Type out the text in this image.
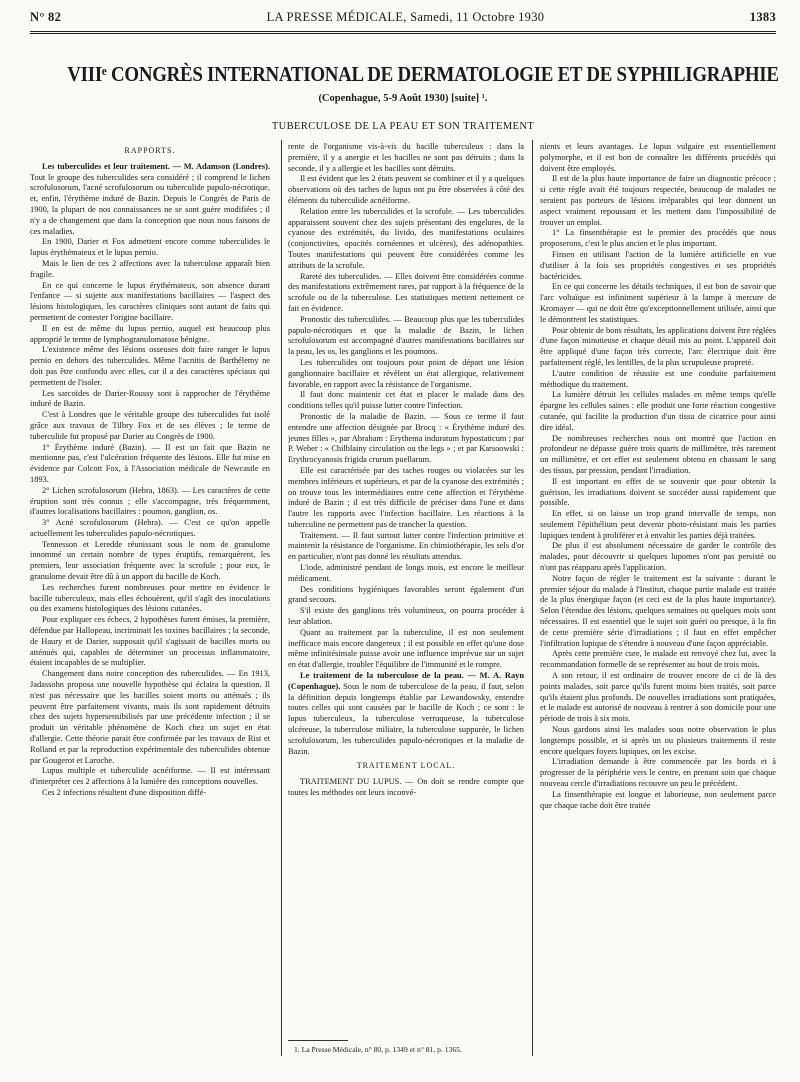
N° 82	LA PRESSE MÉDICALE, Samedi, 11 Octobre 1930	1383
VIIIᵉ CONGRÈS INTERNATIONAL DE DERMATOLOGIE ET DE SYPHILIGRAPHIE
(Copenhague, 5-9 Août 1930) [suite] ¹.
TUBERCULOSE DE LA PEAU ET SON TRAITEMENT
RAPPORTS.

Les tuberculides et leur traitement. — M. Adamson (Londres). Tout le groupe des tuberculides sera considéré ; il comprend le lichen scrofulosorum, l'acné scrofulosorum ou tuberculide papulo-nécrotique, et, enfin, l'érythème induré de Bazin. Depuis le Congrès de Paris de 1900, la plupart de nos connaissances ne se sont guère modifiées ; il n'y a de changement que dans la conception que nous nous faisons de ces maladies.

En 1900, Darier et Fox admettent encore comme tuberculides le lupus érythémateux et le lupus pernio.

Mais le lien de ces 2 affections avec la tuberculose apparaît bien fragile.

En ce qui concerne le lupus érythémateux, son absence durant l'enfance — si sujette aux manifestations bacillaires — l'aspect des lésions histologiques, les caractères cliniques sont autant de faits qui permettent de contester l'origine bacillaire.

Il en est de même du lupus pernio, auquel est beaucoup plus approprié le terme de lymphogranulomatose bénigne.

L'existence même des lésions osseuses doit faire ranger le lupus pernio en dehors des tuberculides. Même l'acnitis de Barthélemy ne doit pas être confondu avec elles, car il a des caractères spéciaux qui permettent de l'isoler.

Les sarcoïdes de Darier-Roussy sont à rapprocher de l'érythème induré de Bazin.

C'est à Londres que le véritable groupe des tuberculides fut isolé grâce aux travaux de Tilbry Fox et de ses élèves ; le terme de tuberculide fut proposé par Darier au Congrès de 1900.

1° Érythème induré (Bazin). — Il est un fait que Bazin ne mentionne pas, c'est l'ulcération fréquente des lésions. Elle fut mise en évidence par Colcott Fox, à l'Association médicale de Newcastle en 1893.

2° Lichen scrofulosorum (Hebra, 1863). — Les caractères de cette éruption sont très connus ; elle s'accompagne, très fréquemment, d'autres localisations bacillaires : poumon, ganglion, os.

3° Acné scrofulosorum (Hebra). — C'est ce qu'on appelle actuellement les tuberculides papulo-nécrotiques.

Tennesson et Leredde réunissant sous le nom de granulome innommé un certain nombre de types éruptifs, remarquèrent, les premiers, leur association fréquente avec la scrofule ; pour eux, le granulome devait être dû à un apport du bacille de Koch.

Les recherches furent nombreuses pour mettre en évidence le bacille tuberculeux, mais elles échouèrent, qu'il s'agît des inoculations ou des examens histologiques des lésions cutanées.

Pour expliquer ces échecs, 2 hypothèses furent émises, la première, défendue par Hallopeau, incriminait les toxines bacillaires ; la seconde, de Haury et de Darier, supposait qu'il s'agissait de bacilles morts ou atténués qui, capables de déterminer un processus inflammatoire, étaient incapables de se multiplier.

Changement dans notre conception des tuberculides. — En 1913, Jadassohn proposa une nouvelle hypothèse qui éclaira la question. Il n'est pas nécessaire que les bacilles soient morts ou atténués ; ils peuvent être parfaitement vivants, mais ils sont rapidement détruits chez des sujets hypersensibilisés par une précédente infection ; il se produit un véritable phénomène de Koch chez un sujet en état d'allergie. Cette théorie parait être confirmée par les travaux de Rist et Rolland et par la reproduction expérimentale des tuberculides obtenue par Gougerot et Laroche.

Lupus multiple et tuberculide acnéiforme. — Il est intéressant d'interpréter ces 2 affections à la lumière des conceptions nouvelles.

Ces 2 infections résultent d'une disposition diffé-

rente de l'organisme vis-à-vis du bacille tuberculeux : dans la première, il y a anergie et les bacilles ne sont pas détruits ; dans la seconde, il y a allergie et les bacilles sont détruits.

Il est évident que les 2 états peuvent se combiner et il y a quelques observations où des taches de lupus ont pu être observées à côté des éléments du tuberculide acnéiforme.

Relation entre les tuberculides et la scrofule. — Les tuberculides apparaissent souvent chez des sujets présentant des engelures, de la cyanose des extrémités, du livido, des manifestations oculaires (conjonctivites, opacités cornéennes et ulcères), des adénopathies. Toutes manifestations qui peuvent être considérées comme les attributs de la scrofule.

Rareté des tuberculides. — Elles doivent être considérées comme des manifestations extrêmement rares, par rapport à la fréquence de la scrofule ou de la tuberculose. Les statistiques mettent nettement ce fait en évidence.

Pronostic des tuberculides. — Beaucoup plus que les tuberculides papulo-nécrotiques et que la maladie de Bazin, le lichen scrofulosorum est accompagné d'autres manifestations bacillaires sur la peau, les os, les ganglions et les poumons.

Les tuberculides ont toujours pour point de départ une lésion ganglionnaire bacillaire et révèlent un état allergique, relativement favorable, en rapport avec la résistance de l'organisme.

Il faut donc maintenir cet état et placer le malade dans des conditions telles qu'il puisse lutter contre l'infection.

Pronostic de la maladie de Bazin. — Sous ce terme il faut entendre une affection désignée par Brocq : « Érythème induré des jeunes filles », par Abraham : Erythema induratum hypostaticum ; par P. Weber : « Chilblainy circulation ou the legs » ; et par Karsoowski : Erythrocyanosis frigida crurum puellarum.

Elle est caractérisée par des taches rouges ou violacées sur les membres inférieurs et supérieurs, et par de la cyanose des extrémités ; on trouve tous les intermédiaires entre cette affection et l'érythème induré de Bazin ; il est très difficile de préciser dans l'une et dans l'autre les rapports avec l'infection bacillaire. Les réactions à la tuberculine ne permettent pas de trancher la question.

Traitement. — Il faut surtout lutter contre l'infection primitive et maintenir la résistance de l'organisme. En chimiothérapie, les sels d'or en particulier, n'ont pas donné les résultats attendus.

L'iode, administré pendant de longs mois, est encore le meilleur médicament.

Des conditions hygiéniques favorables seront également d'un grand secours.

S'il existe des ganglions très volumineux, on pourra procéder à leur ablation.

Quant au traitement par la tuberculine, il est non seulement inefficace mais encore dangereux ; il est possible en effet qu'une dose même infinitésimale puisse avoir une influence imprévue sur un sujet en état d'allergie, troubler l'équilibre de l'immunité et le rompre.

Le traitement de la tuberculose de la peau. — M. A. Rayn (Copenhague). Sous le nom de tuberculose de la peau, il faut, selon la définition depuis longtemps établie par Lewandowsky, entendre toutes celles qui sont causées par le bacille de Koch ; ce sont : le lupus tuberculeux, la tuberculose verruqueuse, la tuberculose ulcéreuse, la tuberculose miliaire, la tuberculose suppurée, le lichen scrofulosorum, les tuberculides papulo-nécrotiques et la maladie de Bazin.

TRAITEMENT LOCAL.

TRAITEMENT DU LUPUS. — On doit se rendre compte que toutes les méthodes ont leurs inconvé-

nients et leurs avantages. Le lupus vulgaire est essentiellement polymorphe, et il est bon de connaître les différents procédés qui doivent être employés.

Il est de la plus haute importance de faire un diagnostic précoce ; si cette règle avait été toujours respectée, beaucoup de malades ne seraient pas porteurs de lésions irréparables qui leur donnent un aspect vraiment repoussant et les mettent dans l'impossibilité de trouver un emploi.

1° La finsenthérapie est le premier des procédés que nous proposerons, c'est le plus ancien et le plus important.

Finsen en utilisant l'action de la lumière artificielle en vue d'utiliser à la fois ses propriétés congestives et ses propriétés bactéricides.

En ce qui concerne les détails techniques, il est bon de savoir que l'arc voltaïque est infiniment supérieur à la lampe à mercure de Kromayer — qui ne doit être qu'exceptionnellement utilisée, ainsi que le démontrent les statistiques.

Pour obtenir de bons résultats, les applications doivent être réglées d'une façon minutieuse et chaque détail mis au point. L'appareil doit être appliqué d'une façon très correcte, l'arc électrique doit être parfaitement réglé, les lentilles, de la plus scrupuleuse propreté.

L'autre condition de réussite est une conduite parfaitement méthodique du traitement.

La lumière détruit les cellules malades en même temps qu'elle épargne les cellules saines : elle produit une forte réaction congestive cutanée, qui facilite la production d'un tissu de cicatrice pour ainsi dire idéal.

De nombreuses recherches nous ont montré que l'action en profondeur ne dépasse guère trois quarts de millimètre, très rarement un millimètre, et cet effet est seulement obtenu en chassant le sang des tissus, par pression, pendant l'irradiation.

Il est important en effet de se souvenir que pour obtenir la guérison, les irradiations doivent se succéder aussi rapidement que possible.

En effet, si on laisse un trop grand intervalle de temps, non seulement l'épithélium peut devenir photo-résistant mais les parties lupiques tendent à proliférer et à envahir les parties déjà traitées.

De plus il est absolument nécessaire de garder le contrôle des malades, pour découvrir si quelques lupomes n'ont pas persisté ou n'ont pas réapparu après l'application.

Notre façon de régler le traitement est la suivante : durant le premier séjour du malade à l'Institut, chaque partie malade est traitée de la plus énergique façon (et ceci est de la plus haute importance). Selon l'étendue des lésions, quelques semaines ou quelques mois sont nécessaires. Il est essentiel que le sujet soit guéri ou presque, à la fin de cette première série d'irradiations ; il faut en effet empêcher l'infiltration lupique de s'étendre à nouveau d'une façon appréciable.

Après cette première cure, le malade est renvoyé chez lui, avec la recommandation formelle de se représenter au bout de trois mois.

A son retour, il est ordinaire de trouver encore de ci de là des points malades, soit parce qu'ils furent moins bien traités, soit parce qu'ils étaient plus profonds. De nouvelles irradiations sont pratiquées, et le malade est autorisé de nouveau à rentrer à son domicile pour une période de trois à six mois.

Nous gardons ainsi les malades sous notre observation le plus longtemps possible, et si après un ou plusieurs traitements il reste encore quelques foyers lupiques, on les excise.

L'irradiation demande à être commencée par les bords et à progresser de la périphérie vers le centre, en prenant soin que chaque nouveau cercle d'irradiations recouvre un peu le précédent.

La finsenthérapie est longue et laborieuse, non seulement parce que chaque tache doit être traitée

1. La Presse Médicale, n° 80, p. 1349 et n° 81, p. 1365.
